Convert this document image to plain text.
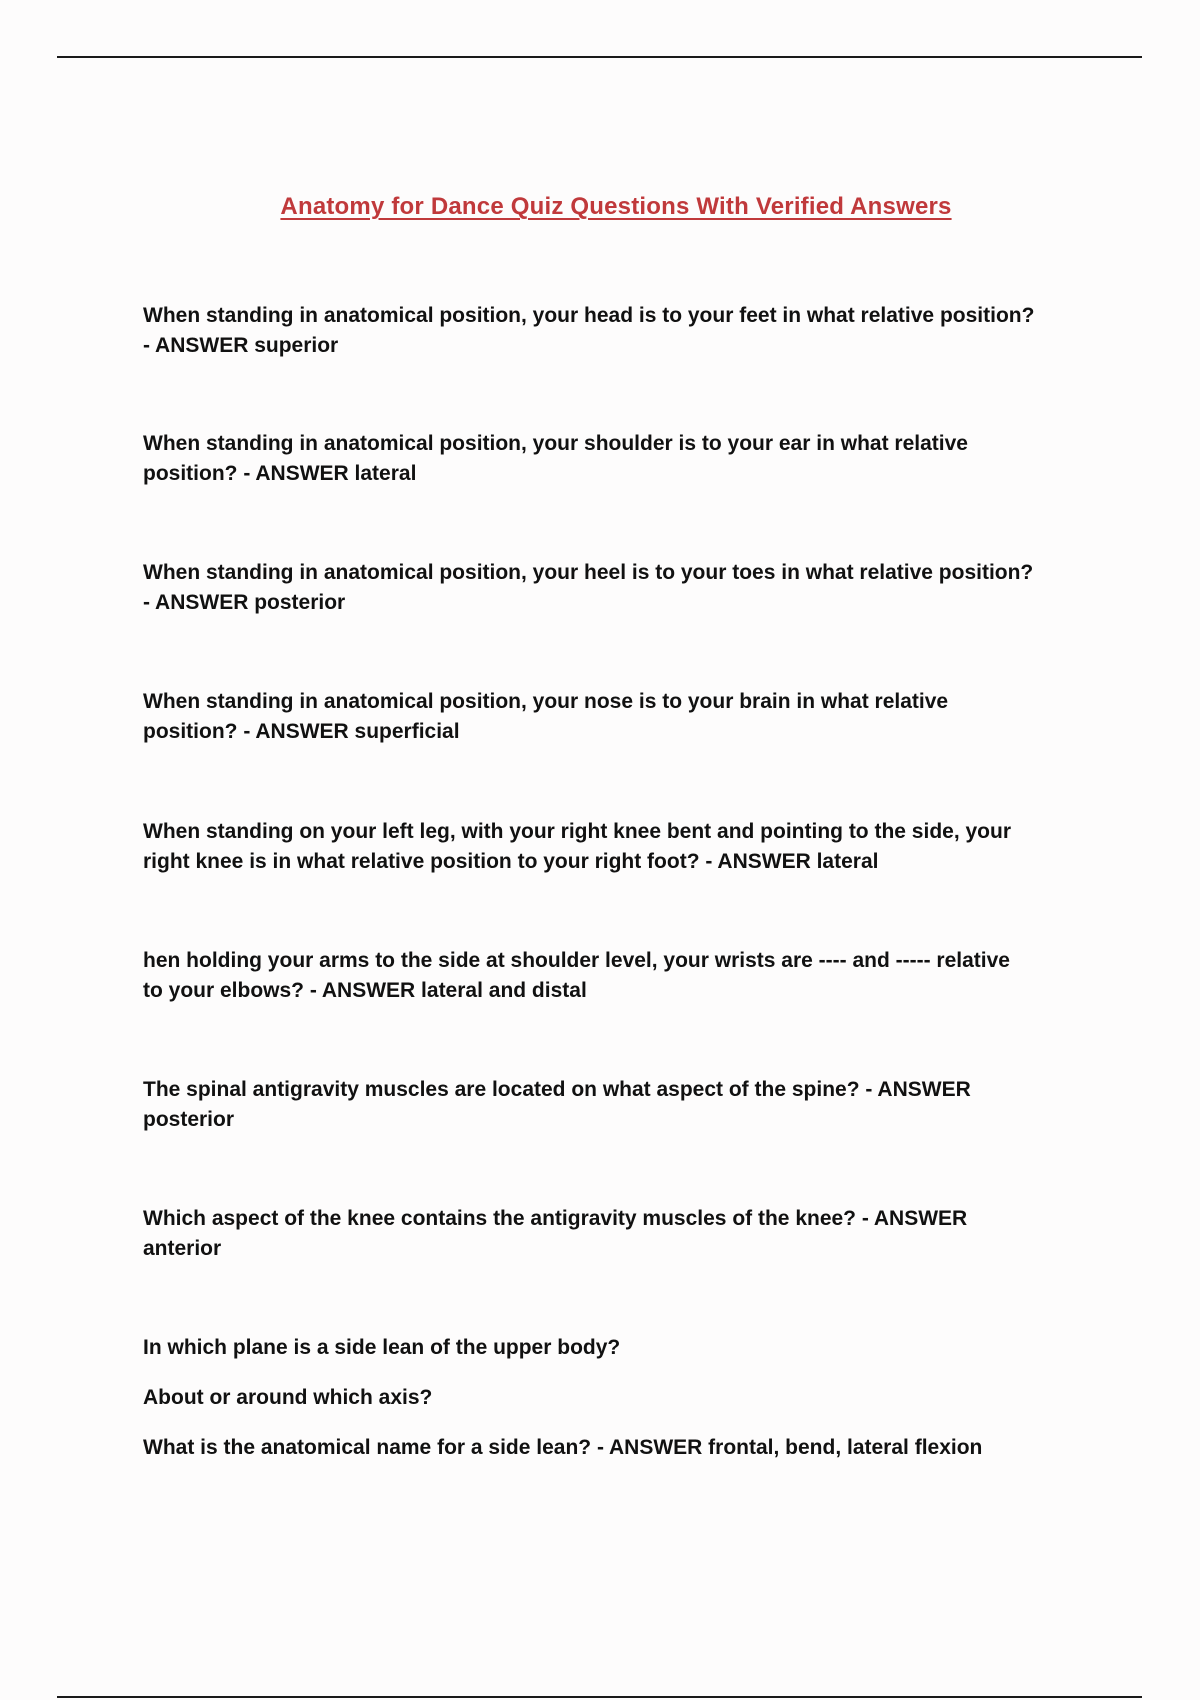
Anatomy for Dance Quiz Questions With Verified Answers
When standing in anatomical position, your head is to your feet in what relative position?
- ANSWER superior
When standing in anatomical position, your shoulder is to your ear in what relative
position? - ANSWER lateral
When standing in anatomical position, your heel is to your toes in what relative position?
- ANSWER posterior
When standing in anatomical position, your nose is to your brain in what relative
position? - ANSWER superficial
When standing on your left leg, with your right knee bent and pointing to the side, your
right knee is in what relative position to your right foot? - ANSWER lateral
hen holding your arms to the side at shoulder level, your wrists are ---- and ----- relative
to your elbows? - ANSWER lateral and distal
The spinal antigravity muscles are located on what aspect of the spine? - ANSWER
posterior
Which aspect of the knee contains the antigravity muscles of the knee? - ANSWER
anterior

In which plane is a side lean of the upper body?

About or around which axis?

What is the anatomical name for a side lean? - ANSWER frontal, bend, lateral flexion
